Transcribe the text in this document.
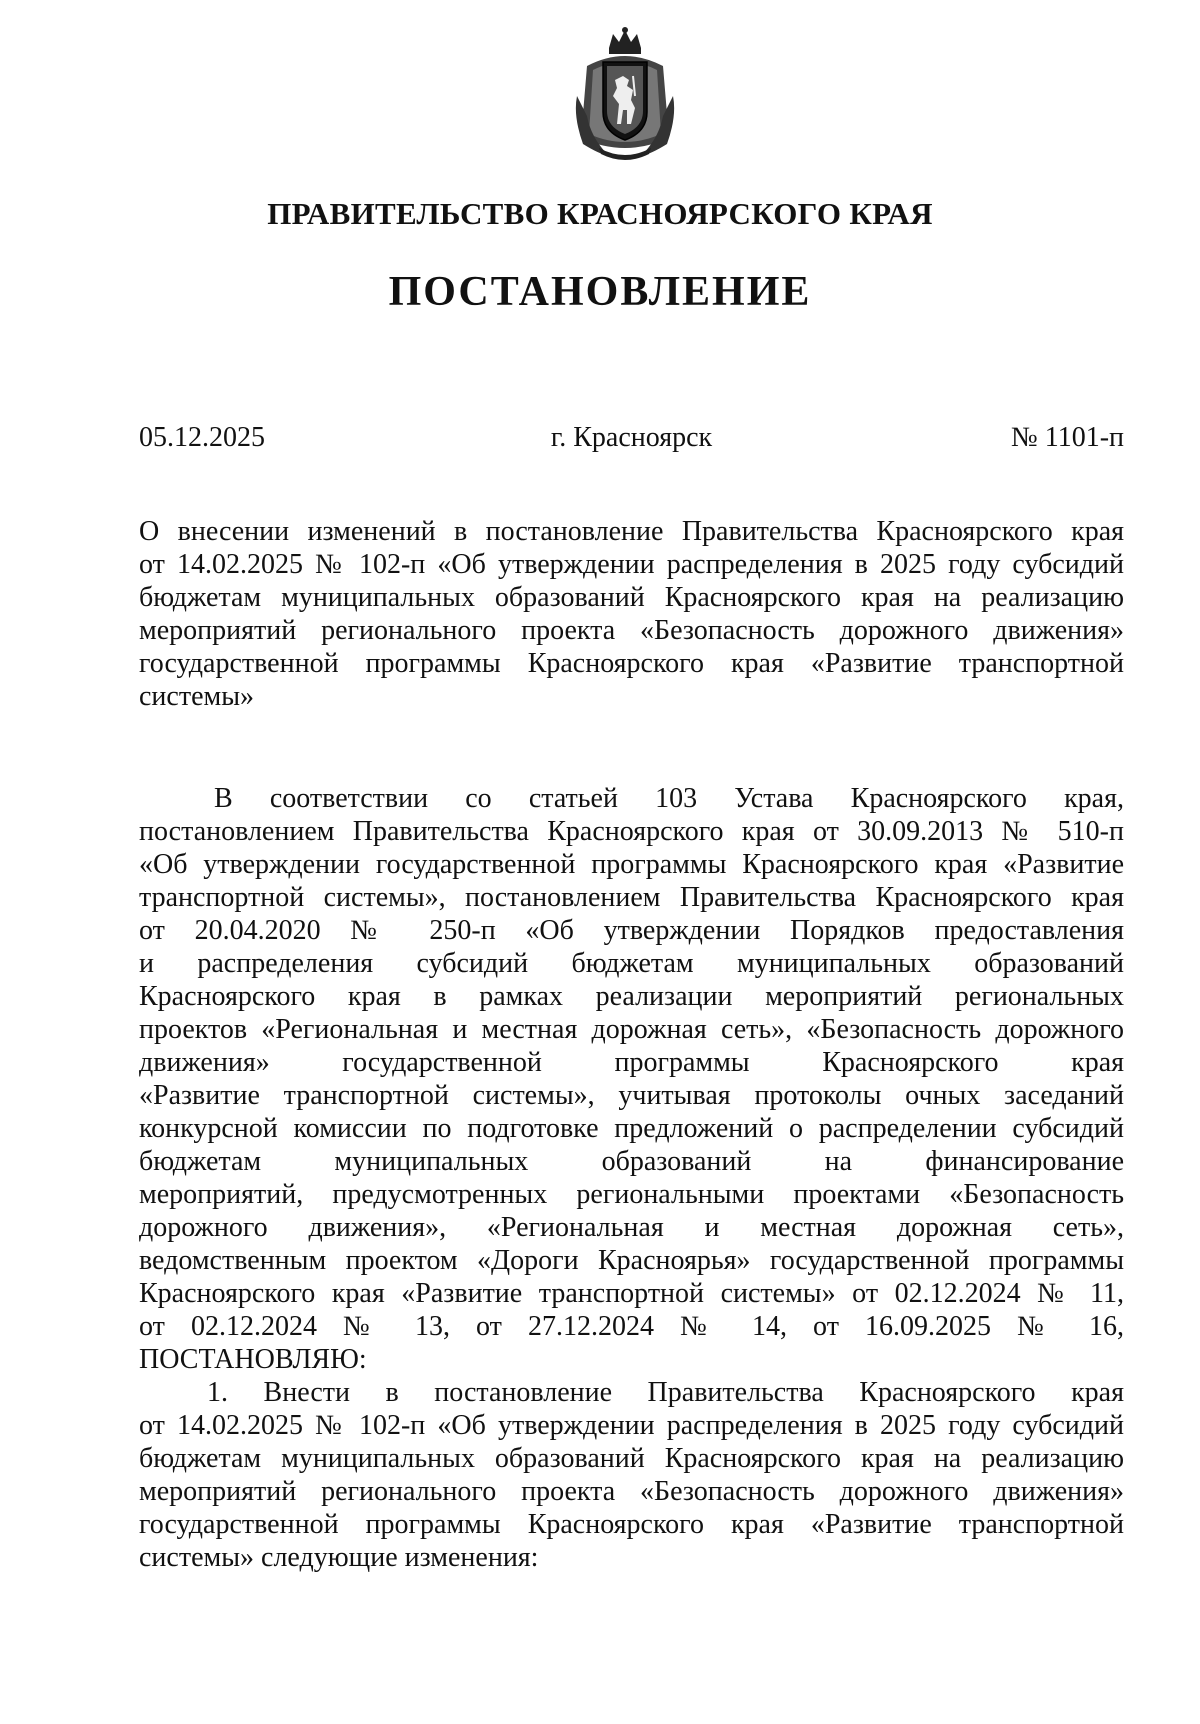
ПРАВИТЕЛЬСТВО КРАСНОЯРСКОГО КРАЯ
ПОСТАНОВЛЕНИЕ
05.12.2025	г. Красноярск	№ 1101-п
О внесении изменений в постановление Правительства Красноярского края
от 14.02.2025 № 102-п «Об утверждении распределения в 2025 году субсидий
бюджетам муниципальных образований Красноярского края на реализацию
мероприятий регионального проекта «Безопасность дорожного движения»
государственной программы Красноярского края «Развитие транспортной
системы»
В соответствии со статьей 103 Устава Красноярского края,
постановлением Правительства Красноярского края от 30.09.2013 № 510-п
«Об утверждении государственной программы Красноярского края «Развитие
транспортной системы», постановлением Правительства Красноярского края
от 20.04.2020 № 250-п «Об утверждении Порядков предоставления
и распределения субсидий бюджетам муниципальных образований
Красноярского края в рамках реализации мероприятий региональных
проектов «Региональная и местная дорожная сеть», «Безопасность дорожного
движения» государственной программы Красноярского края
«Развитие транспортной системы», учитывая протоколы очных заседаний
конкурсной комиссии по подготовке предложений о распределении субсидий
бюджетам муниципальных образований на финансирование
мероприятий, предусмотренных региональными проектами «Безопасность
дорожного движения», «Региональная и местная дорожная сеть»,
ведомственным проектом «Дороги Красноярья» государственной программы
Красноярского края «Развитие транспортной системы» от 02.12.2024 № 11,
от 02.12.2024 № 13, от 27.12.2024 № 14, от 16.09.2025 № 16,
ПОСТАНОВЛЯЮ:
1. Внести в постановление Правительства Красноярского края
от 14.02.2025 № 102-п «Об утверждении распределения в 2025 году субсидий
бюджетам муниципальных образований Красноярского края на реализацию
мероприятий регионального проекта «Безопасность дорожного движения»
государственной программы Красноярского края «Развитие транспортной
системы» следующие изменения:
